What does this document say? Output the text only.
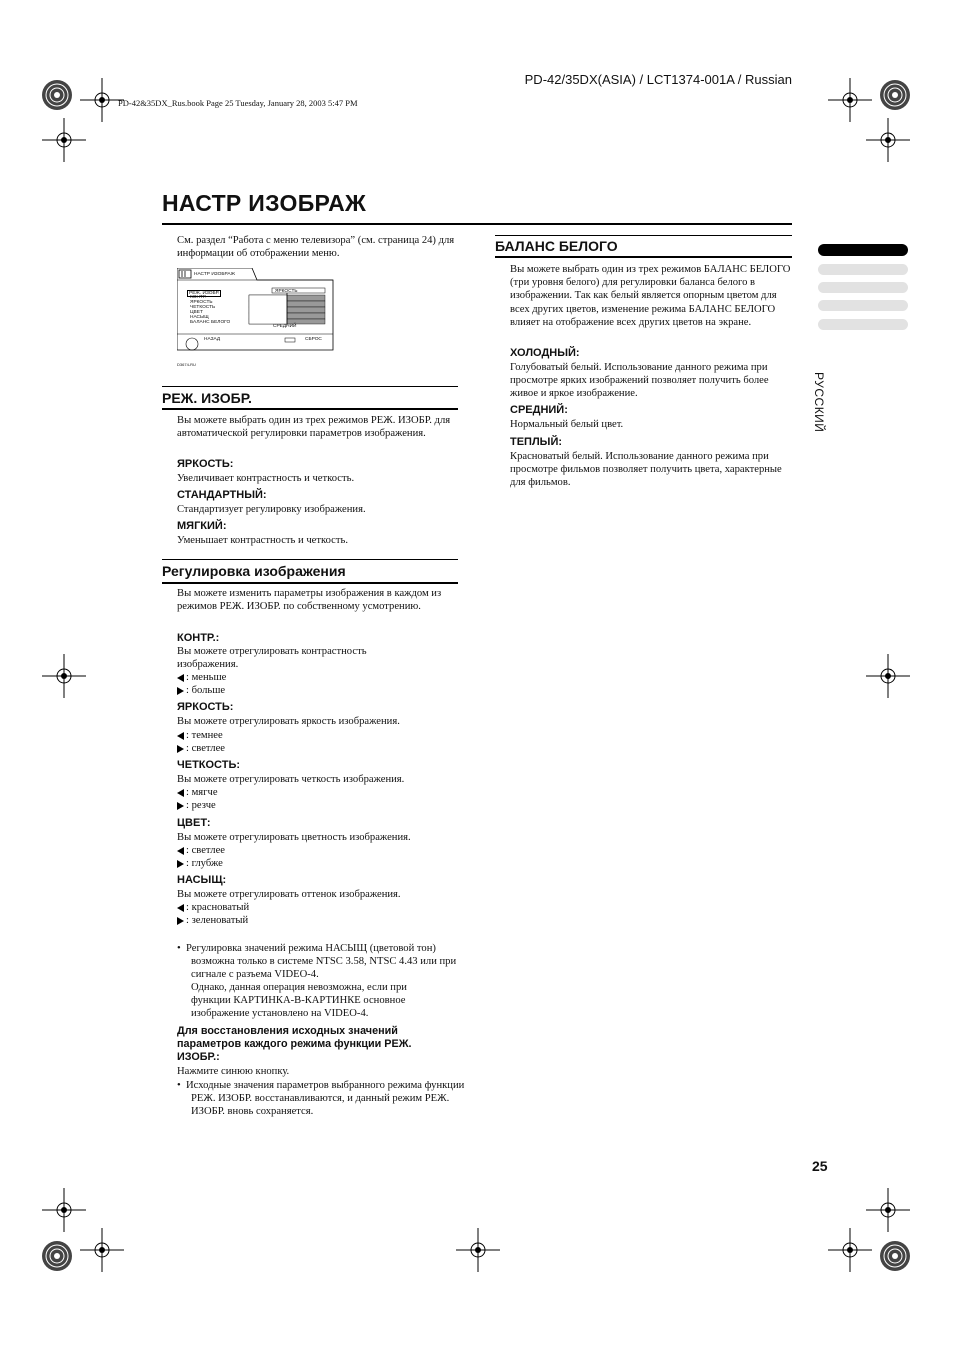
PD-42/35DX(ASIA) / LCT1374-001A / Russian
PD-42&35DX_Rus.book Page 25 Tuesday, January 28, 2003 5:47 PM
НАСТР ИЗОБРАЖ
РУССКИЙ

См. раздел “Работа с меню телевизора” (см. страница 24) для информации об отображении меню.

НАСТР ИЗОБРАЖ
РЕЖ. ИЗОБР.	ЯРКОСТЬ
КОНТР.
ЯРКОСТЬ
ЧЕТКОСТЬ
ЦВЕТ
НАСЫЩ
БАЛАНС БЕЛОГО
СРЕДНИЙ
НАЗАД	СБРОС
D3674-RU
РЕЖ. ИЗОБР.

Вы можете выбрать один из трех режимов РЕЖ. ИЗОБР. для автоматической регулировки параметров изображения.

ЯРКОСТЬ:

Увеличивает контрастность и четкость.

СТАНДАРТНЫЙ:

Стандартизует регулировку изображения.

МЯГКИЙ:

Уменьшает контрастность и четкость.

Регулировка изображения

Вы можете изменить параметры изображения в каждом из режимов РЕЖ. ИЗОБР. по собственному усмотрению.

КОНТР.:

Вы можете отрегулировать контрастность изображения.

: меньше

: больше

ЯРКОСТЬ:

Вы можете отрегулировать яркость изображения.

: темнее

: светлее

ЧЕТКОСТЬ:

Вы можете отрегулировать четкость изображения.

: мягче

: резче

ЦВЕТ:

Вы можете отрегулировать цветность изображения.

: светлее

: глубже

НАСЫЩ:

Вы можете отрегулировать оттенок изображения.

: красноватый

: зеленоватый

•  Регулировка значений режима НАСЫЩ (цветовой тон) возможна только в системе NTSC 3.58, NTSC 4.43 или при сигнале с разъема VIDEO-4.
Однако, данная операция невозможна, если при функции КАРТИНКА-В-КАРТИНКЕ основное изображение установлено на VIDEO-4.

Для восстановления исходных значений параметров каждого режима функции РЕЖ. ИЗОБР.:

Нажмите синюю кнопку.

•  Исходные значения параметров выбранного режима функции РЕЖ. ИЗОБР. восстанавливаются, и данный режим РЕЖ. ИЗОБР. вновь сохраняется.
БАЛАНС БЕЛОГО

Вы можете выбрать один из трех режимов БАЛАНС БЕЛОГО (три уровня белого) для регулировки баланса белого в изображении. Так как белый является опорным цветом для всех других цветов, изменение режима БАЛАНС БЕЛОГО влияет на отображение всех других цветов на экране.

ХОЛОДНЫЙ:

Голубоватый белый. Использование данного режима при просмотре ярких изображений позволяет получить более живое и яркое изображение.

СРЕДНИЙ:

Нормальный белый цвет.

ТЕПЛЫЙ:

Красноватый белый. Использование данного режима при просмотре фильмов позволяет получить цвета, характерные для фильмов.

25
